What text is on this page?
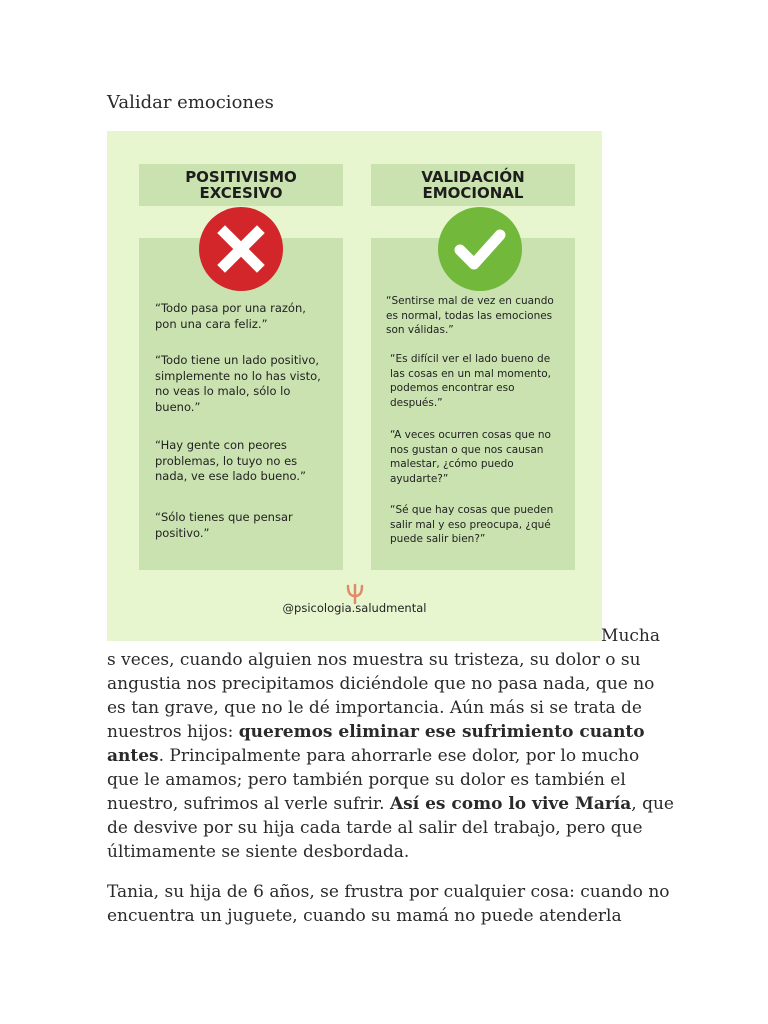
Validar emociones
POSITIVISMO
EXCESIVO
VALIDACIÓN
EMOCIONAL
“Todo pasa por una razón,
pon una cara feliz.”
“Todo tiene un lado positivo,
simplemente no lo has visto,
no veas lo malo, sólo lo
bueno.”
“Hay gente con peores
problemas, lo tuyo no es
nada, ve ese lado bueno.”
“Sólo tienes que pensar
positivo.”
“Sentirse mal de vez en cuando
es normal, todas las emociones
son válidas.”
“Es difícil ver el lado bueno de
las cosas en un mal momento,
podemos encontrar eso
después.”
“A veces ocurren cosas que no
nos gustan o que nos causan
malestar, ¿cómo puedo
ayudarte?”
“Sé que hay cosas que pueden
salir mal y eso preocupa, ¿qué
puede salir bien?”
@psicologia.saludmental
Mucha
s veces, cuando alguien nos muestra su tristeza, su dolor o su
angustia nos precipitamos diciéndole que no pasa nada, que no
es tan grave, que no le dé importancia. Aún más si se trata de
nuestros hijos: queremos eliminar ese sufrimiento cuanto
antes. Principalmente para ahorrarle ese dolor, por lo mucho
que le amamos; pero también porque su dolor es también el
nuestro, sufrimos al verle sufrir. Así es como lo vive María, que
de desvive por su hija cada tarde al salir del trabajo, pero que
últimamente se siente desbordada.
Tania, su hija de 6 años, se frustra por cualquier cosa: cuando no
encuentra un juguete, cuando su mamá no puede atenderla
